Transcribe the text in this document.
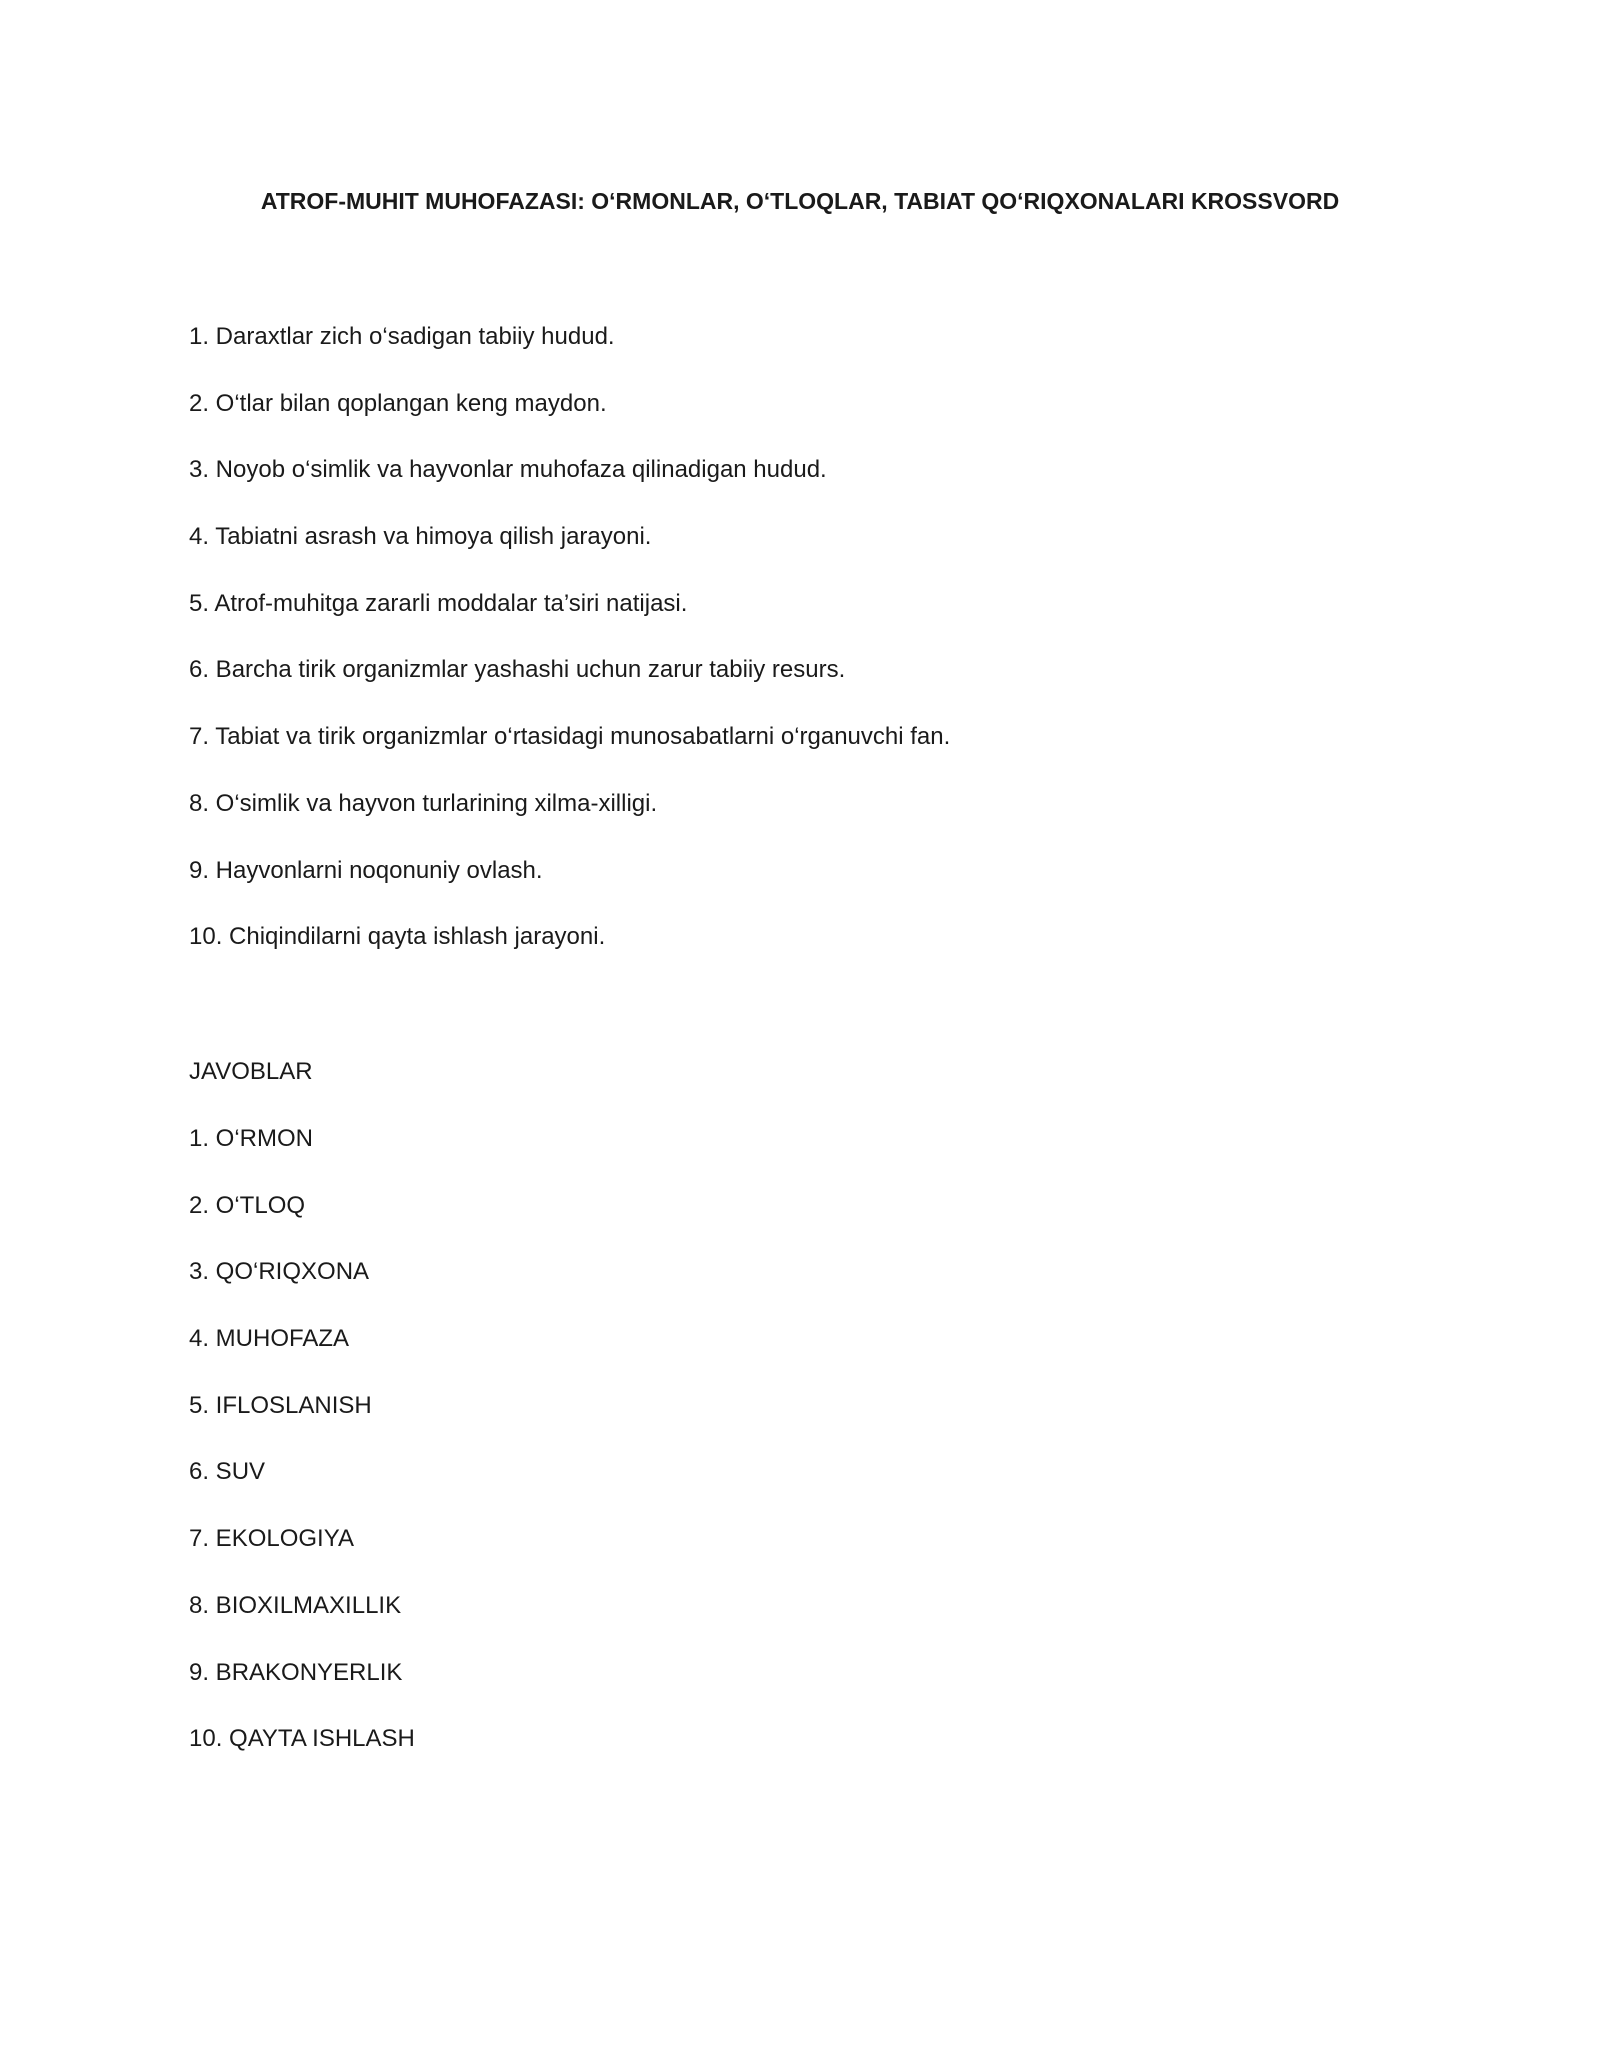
ATROF-MUHIT MUHOFAZASI: O‘RMONLAR, O‘TLOQLAR, TABIAT QO‘RIQXONALARI KROSSVORD
1. Daraxtlar zich o‘sadigan tabiiy hudud.
2. O‘tlar bilan qoplangan keng maydon.
3. Noyob o‘simlik va hayvonlar muhofaza qilinadigan hudud.
4. Tabiatni asrash va himoya qilish jarayoni.
5. Atrof-muhitga zararli moddalar ta’siri natijasi.
6. Barcha tirik organizmlar yashashi uchun zarur tabiiy resurs.
7. Tabiat va tirik organizmlar o‘rtasidagi munosabatlarni o‘rganuvchi fan.
8. O‘simlik va hayvon turlarining xilma-xilligi.
9. Hayvonlarni noqonuniy ovlash.
10. Chiqindilarni qayta ishlash jarayoni.
JAVOBLAR
1. O‘RMON
2. O‘TLOQ
3. QO‘RIQXONA
4. MUHOFAZA
5. IFLOSLANISH
6. SUV
7. EKOLOGIYA
8. BIOXILMAXILLIK
9. BRAKONYERLIK
10. QAYTA ISHLASH
